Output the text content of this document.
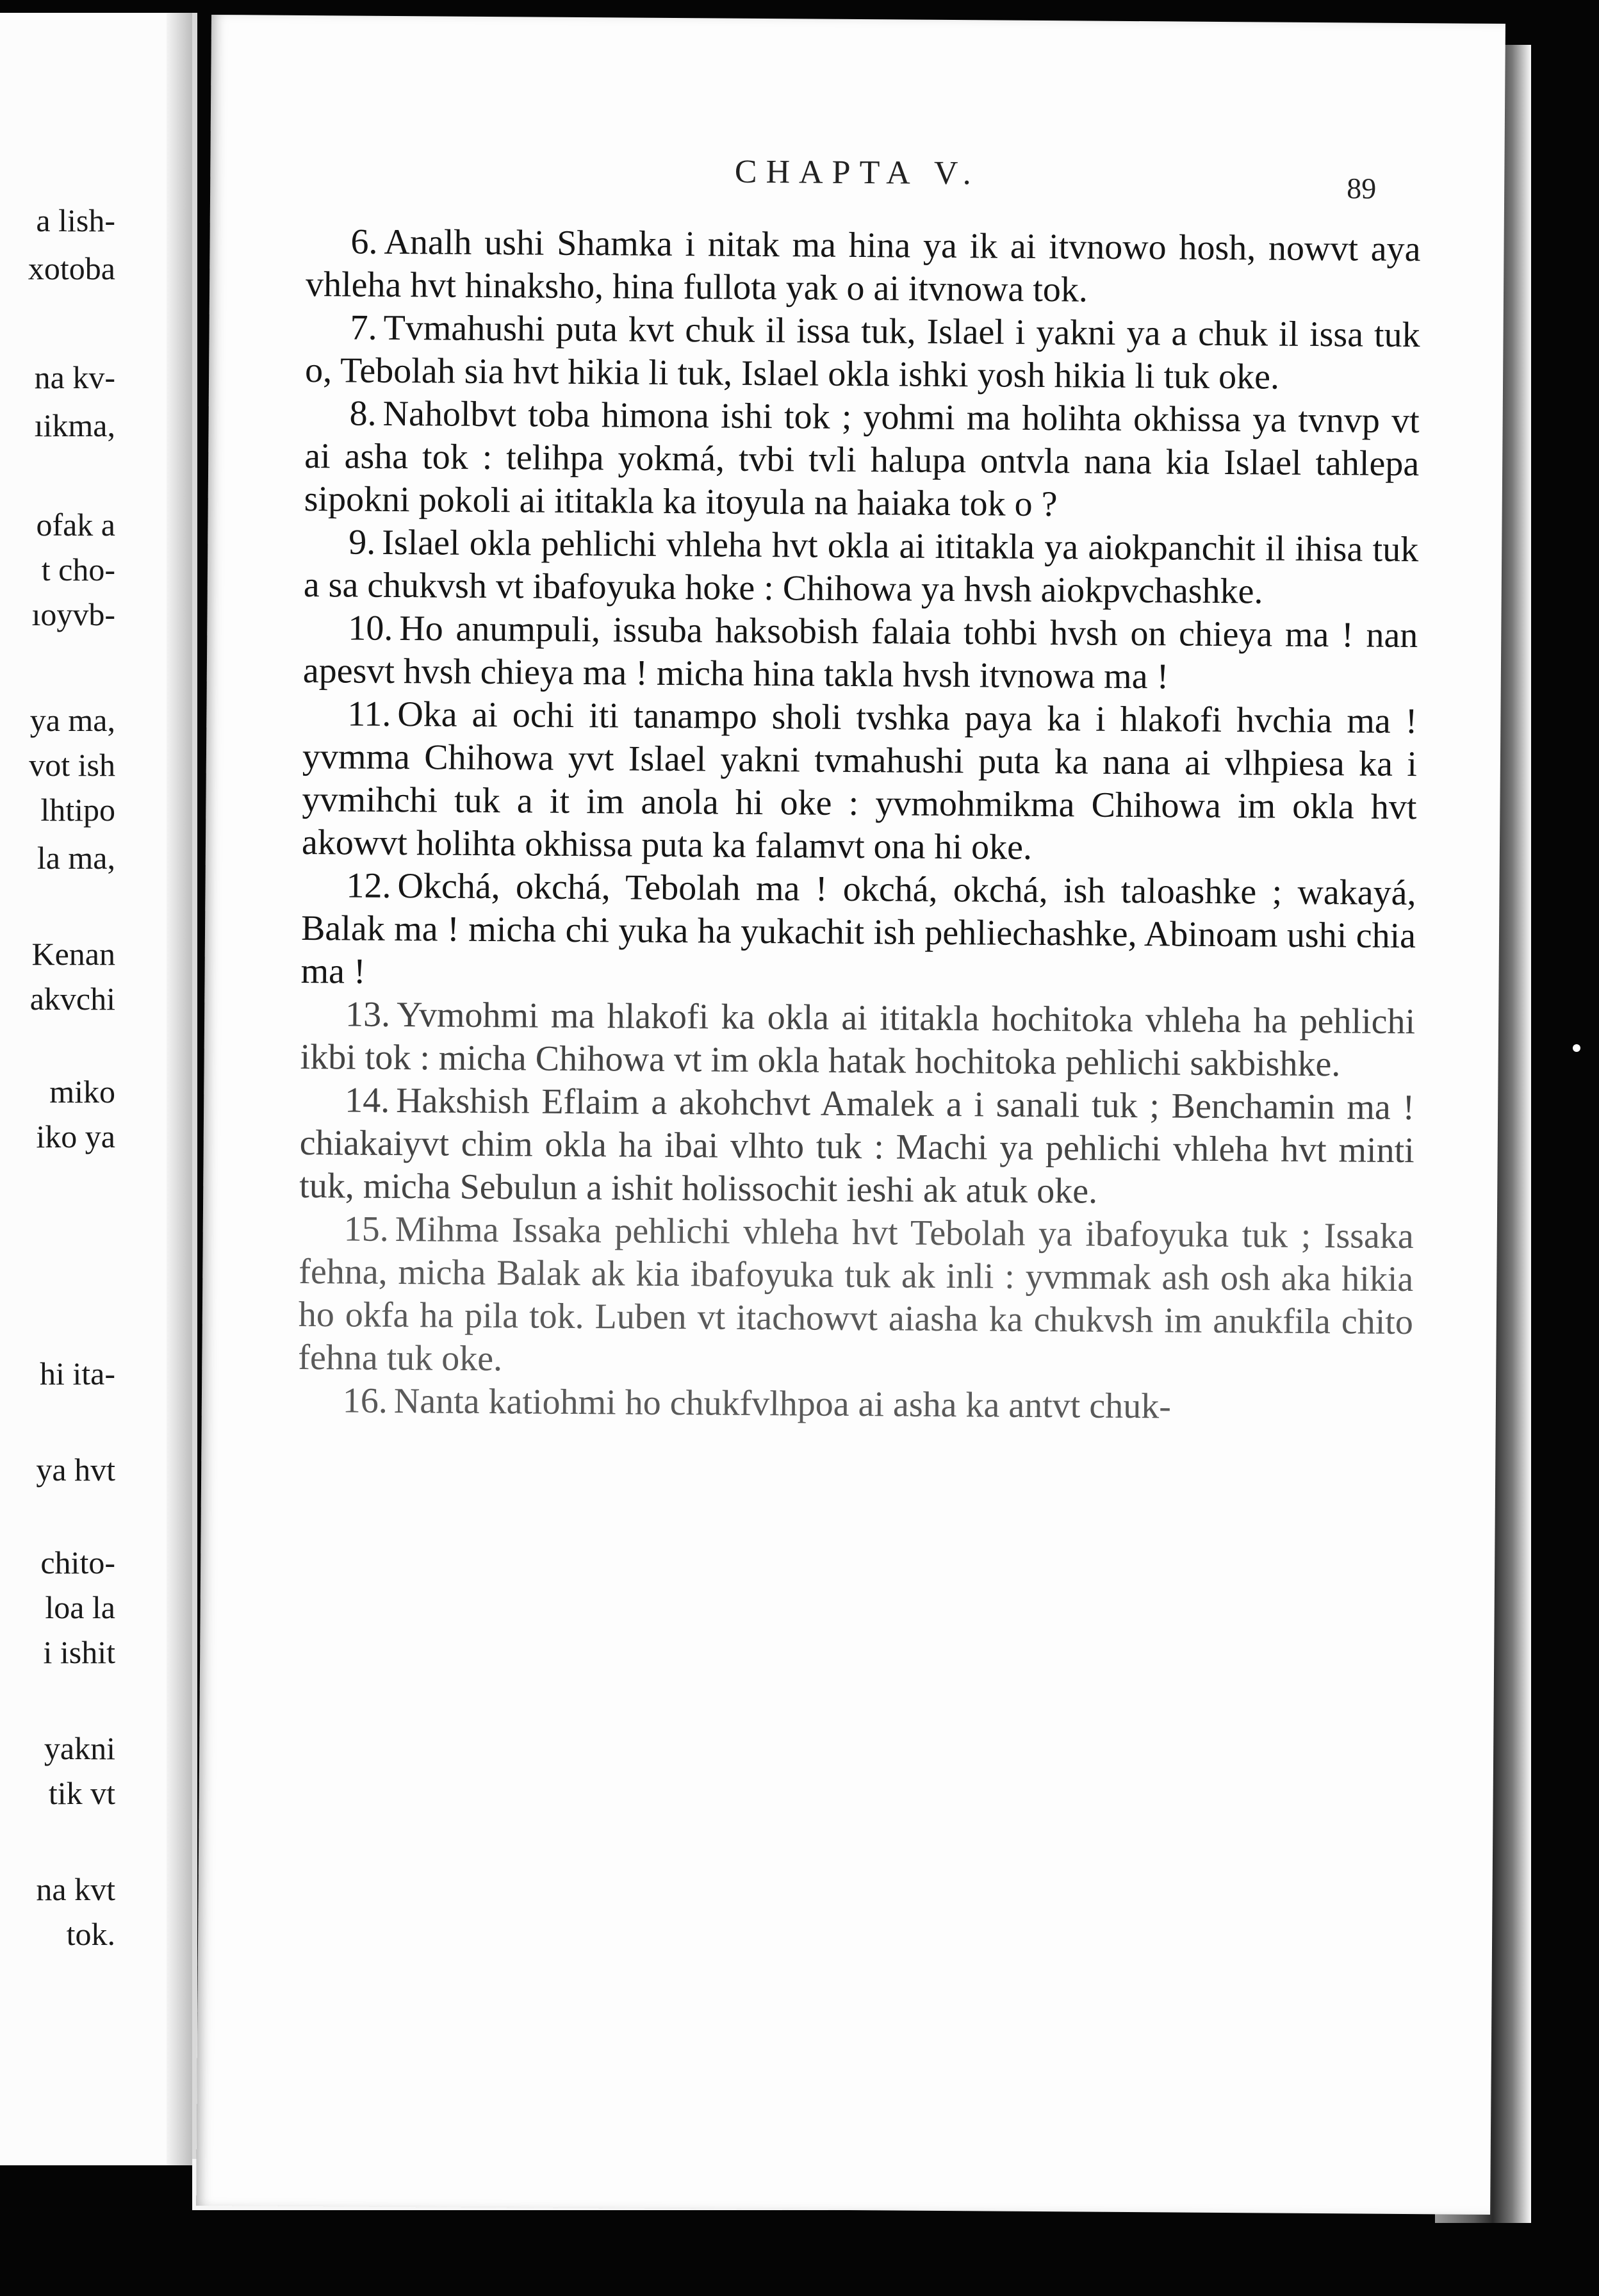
a lish-
xotoba
na kv-
ıikma,
ofak a
t cho-
ıoyvb-
ya ma,
vot ish
lhtipo
la ma,
Kenan
akvchi
miko
iko ya
hi ita-
ya hvt
chito-
loa la
i ishit
yakni
tik vt
na kvt
tok.
CHAPTA V.	89

6. Analh ushi Shamka i nitak ma hina ya ik ai itvnowo hosh, nowvt aya vhleha hvt hinaksho, hina fullota yak o ai itvnowa tok.

7. Tvmahushi puta kvt chuk il issa tuk, Islael i yakni ya a chuk il issa tuk o, Tebolah sia hvt hikia li tuk, Islael okla ishki yosh hikia li tuk oke.

8. Naholbvt toba himona ishi tok ; yohmi ma holihta okhissa ya tvnvp vt ai asha tok : telihpa yokmá, tvbi tvli halupa ontvla nana kia Islael tahlepa sipokni pokoli ai ititakla ka itoyula na haiaka tok o ?

9. Islael okla pehlichi vhleha hvt okla ai ititakla ya aiokpanchit il ihisa tuk a sa chukvsh vt ibafoyuka hoke : Chihowa ya hvsh aiokpvchashke.

10. Ho anumpuli, issuba haksobish falaia tohbi hvsh on chieya ma ! nan apesvt hvsh chieya ma ! micha hina takla hvsh itvnowa ma !

11. Oka ai ochi iti tanampo sholi tvshka paya ka i hlakofi hvchia ma ! yvmma Chihowa yvt Islael yakni tvmahushi puta ka nana ai vlhpiesa ka i yvmihchi tuk a it im anola hi oke : yvmohmikma Chihowa im okla hvt akowvt holihta okhissa puta ka falamvt ona hi oke.

12. Okchá, okchá, Tebolah ma ! okchá, okchá, ish taloashke ; wakayá, Balak ma ! micha chi yuka ha yukachit ish pehliechashke, Abinoam ushi chia ma !

13. Yvmohmi ma hlakofi ka okla ai ititakla hochitoka vhleha ha pehlichi ikbi tok : micha Chihowa vt im okla hatak hochitoka pehlichi sakbishke.

14. Hakshish Eflaim a akohchvt Amalek a i sanali tuk ; Benchamin ma ! chiakaiyvt chim okla ha ibai vlhto tuk : Machi ya pehlichi vhleha hvt minti tuk, micha Sebulun a ishit holissochit ieshi ak atuk oke.

15. Mihma Issaka pehlichi vhleha hvt Tebolah ya ibafoyuka tuk ; Issaka fehna, micha Balak ak kia ibafoyuka tuk ak inli : yvmmak ash osh aka hikia ho okfa ha pila tok. Luben vt itachowvt aiasha ka chukvsh im anukfila chito fehna tuk oke.

16. Nanta katiohmi ho chukfvlhpoa ai asha ka antvt chuk-
